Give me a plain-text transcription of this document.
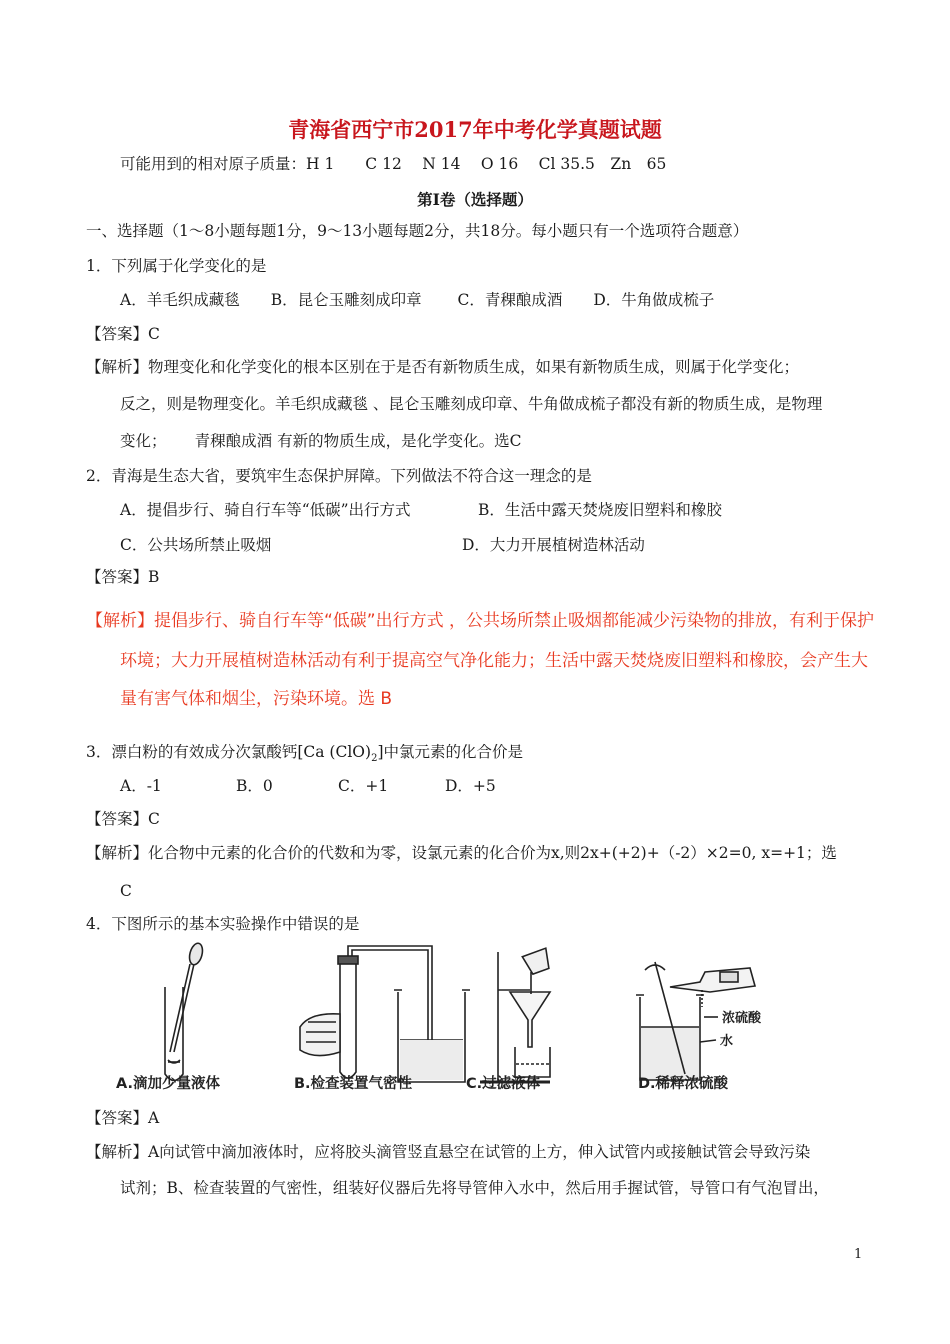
青海省西宁市2017年中考化学真题试题
可能用到的相对原子质量：H 1　　C 12　 N 14　 O 16　 Cl 35.5　Zn　65
第Ⅰ卷（选择题）
一、选择题（1～8小题每题1分，9～13小题每题2分，共18分。每小题只有一个选项符合题意）
1．下列属于化学变化的是
A．羊毛织成藏毯　　B．昆仑玉雕刻成印章　　 C．青稞酿成酒　　D．牛角做成梳子
【答案】C
【解析】物理变化和化学变化的根本区别在于是否有新物质生成，如果有新物质生成，则属于化学变化；
反之，则是物理变化。羊毛织成藏毯 、昆仑玉雕刻成印章、牛角做成梳子都没有新的物质生成，是物理
变化；　　 青稞酿成酒 有新的物质生成，是化学变化。选C
2．青海是生态大省，要筑牢生态保护屏障。下列做法不符合这一理念的是
A．提倡步行、骑自行车等“低碳”出行方式	B．生活中露天焚烧废旧塑料和橡胶
C．公共场所禁止吸烟	D．大力开展植树造林活动
【答案】B
【解析】提倡步行、骑自行车等“低碳”出行方式 ，公共场所禁止吸烟都能减少污染物的排放，有利于保护
环境；大力开展植树造林活动有利于提高空气净化能力；生活中露天焚烧废旧塑料和橡胶，会产生大
量有害气体和烟尘，污染环境。选 B
3．漂白粉的有效成分次氯酸钙[Ca $(ClO)_2$]中氯元素的化合价是
A．-1	B．0	C．+1	D．+5
【答案】C
【解析】化合物中元素的化合价的代数和为零，设氯元素的化合价为x,则2x+(+2)+（-2）×2=0, x=+1；选
C
4．下图所示的基本实验操作中错误的是
浓硫酸
水
A.滴加少量液体	B.检查装置气密性	C.过滤液体	D.稀释浓硫酸
【答案】A
【解析】A向试管中滴加液体时，应将胶头滴管竖直悬空在试管的上方，伸入试管内或接触试管会导致污染
试剂；B、检查装置的气密性，组装好仪器后先将导管伸入水中，然后用手握试管，导管口有气泡冒出，
1
